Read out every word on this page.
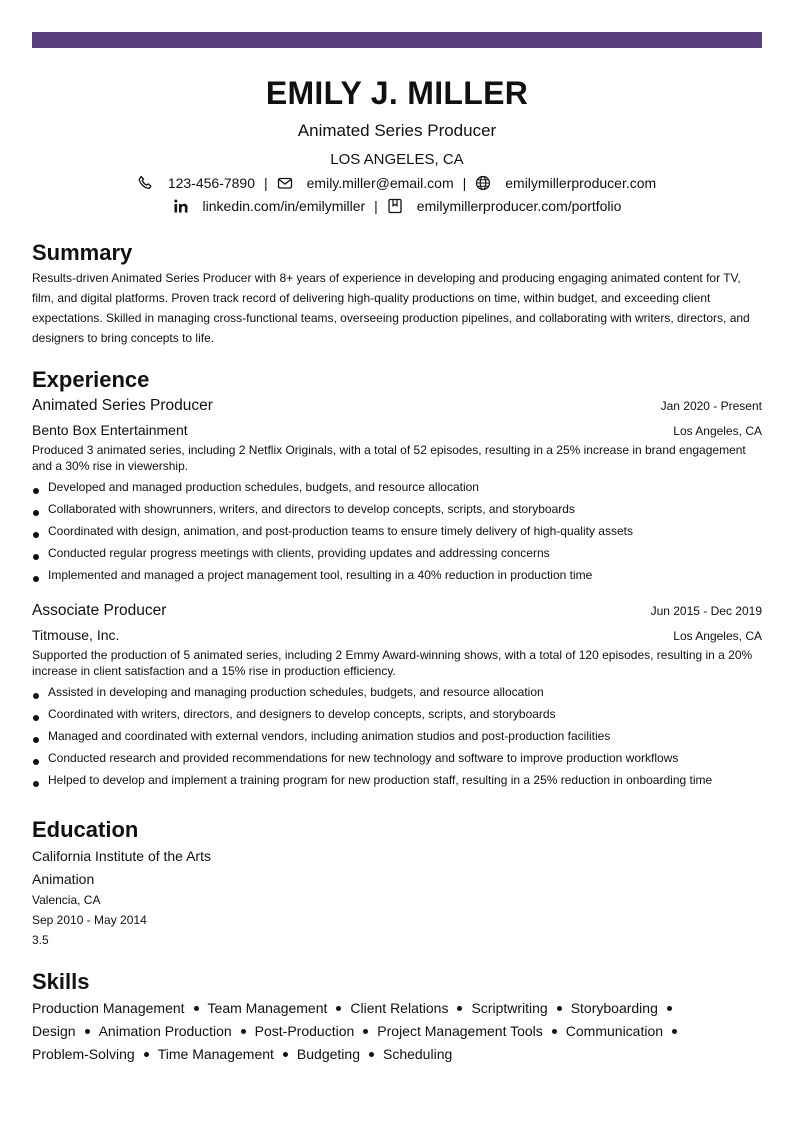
EMILY J. MILLER
Animated Series Producer
LOS ANGELES, CA
123-456-7890 |	emily.miller@email.com |	emilymillerproducer.com
linkedin.com/in/emilymiller |	emilymillerproducer.com/portfolio
Summary
Results-driven Animated Series Producer with 8+ years of experience in developing and producing engaging animated content for TV, film, and digital platforms. Proven track record of delivering high-quality productions on time, within budget, and exceeding client expectations. Skilled in managing cross-functional teams, overseeing production pipelines, and collaborating with writers, directors, and designers to bring concepts to life.
Experience
Animated Series Producer	Jan 2020 - Present
Bento Box Entertainment	Los Angeles, CA
Produced 3 animated series, including 2 Netflix Originals, with a total of 52 episodes, resulting in a 25% increase in brand engagement and a 30% rise in viewership.
Developed and managed production schedules, budgets, and resource allocation
Collaborated with showrunners, writers, and directors to develop concepts, scripts, and storyboards
Coordinated with design, animation, and post-production teams to ensure timely delivery of high-quality assets
Conducted regular progress meetings with clients, providing updates and addressing concerns
Implemented and managed a project management tool, resulting in a 40% reduction in production time
Associate Producer	Jun 2015 - Dec 2019
Titmouse, Inc.	Los Angeles, CA
Supported the production of 5 animated series, including 2 Emmy Award-winning shows, with a total of 120 episodes, resulting in a 20% increase in client satisfaction and a 15% rise in production efficiency.
Assisted in developing and managing production schedules, budgets, and resource allocation
Coordinated with writers, directors, and designers to develop concepts, scripts, and storyboards
Managed and coordinated with external vendors, including animation studios and post-production facilities
Conducted research and provided recommendations for new technology and software to improve production workflows
Helped to develop and implement a training program for new production staff, resulting in a 25% reduction in onboarding time
Education
California Institute of the Arts
Animation
Valencia, CA
Sep 2010 - May 2014
3.5
Skills
Production Management Team Management Client Relations Scriptwriting Storyboarding
Design Animation Production Post-Production Project Management Tools Communication
Problem-Solving Time Management Budgeting Scheduling
